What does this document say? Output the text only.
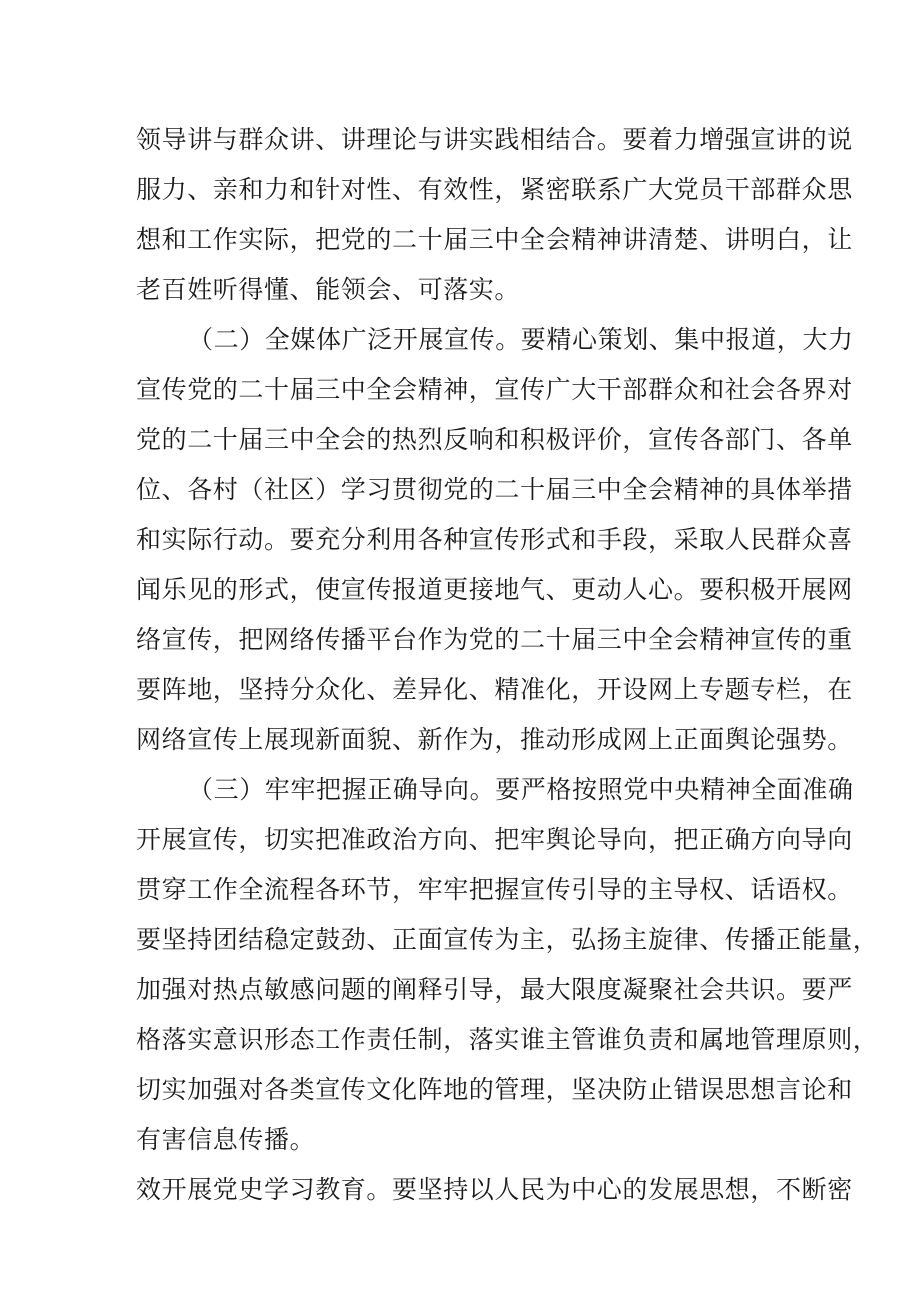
领导讲与群众讲、讲理论与讲实践相结合。要着力增强宣讲的说

服力、亲和力和针对性、有效性，紧密联系广大党员干部群众思

想和工作实际，把党的二十届三中全会精神讲清楚、讲明白，让

老百姓听得懂、能领会、可落实。

（二）全媒体广泛开展宣传。要精心策划、集中报道，大力

宣传党的二十届三中全会精神，宣传广大干部群众和社会各界对

党的二十届三中全会的热烈反响和积极评价，宣传各部门、各单

位、各村（社区）学习贯彻党的二十届三中全会精神的具体举措

和实际行动。要充分利用各种宣传形式和手段，采取人民群众喜

闻乐见的形式，使宣传报道更接地气、更动人心。要积极开展网

络宣传，把网络传播平台作为党的二十届三中全会精神宣传的重

要阵地，坚持分众化、差异化、精准化，开设网上专题专栏，在

网络宣传上展现新面貌、新作为，推动形成网上正面舆论强势。

（三）牢牢把握正确导向。要严格按照党中央精神全面准确

开展宣传，切实把准政治方向、把牢舆论导向，把正确方向导向

贯穿工作全流程各环节，牢牢把握宣传引导的主导权、话语权。

要坚持团结稳定鼓劲、正面宣传为主，弘扬主旋律、传播正能量，

加强对热点敏感问题的阐释引导，最大限度凝聚社会共识。要严

格落实意识形态工作责任制，落实谁主管谁负责和属地管理原则，

切实加强对各类宣传文化阵地的管理，坚决防止错误思想言论和

有害信息传播。

效开展党史学习教育。要坚持以人民为中心的发展思想，不断密
